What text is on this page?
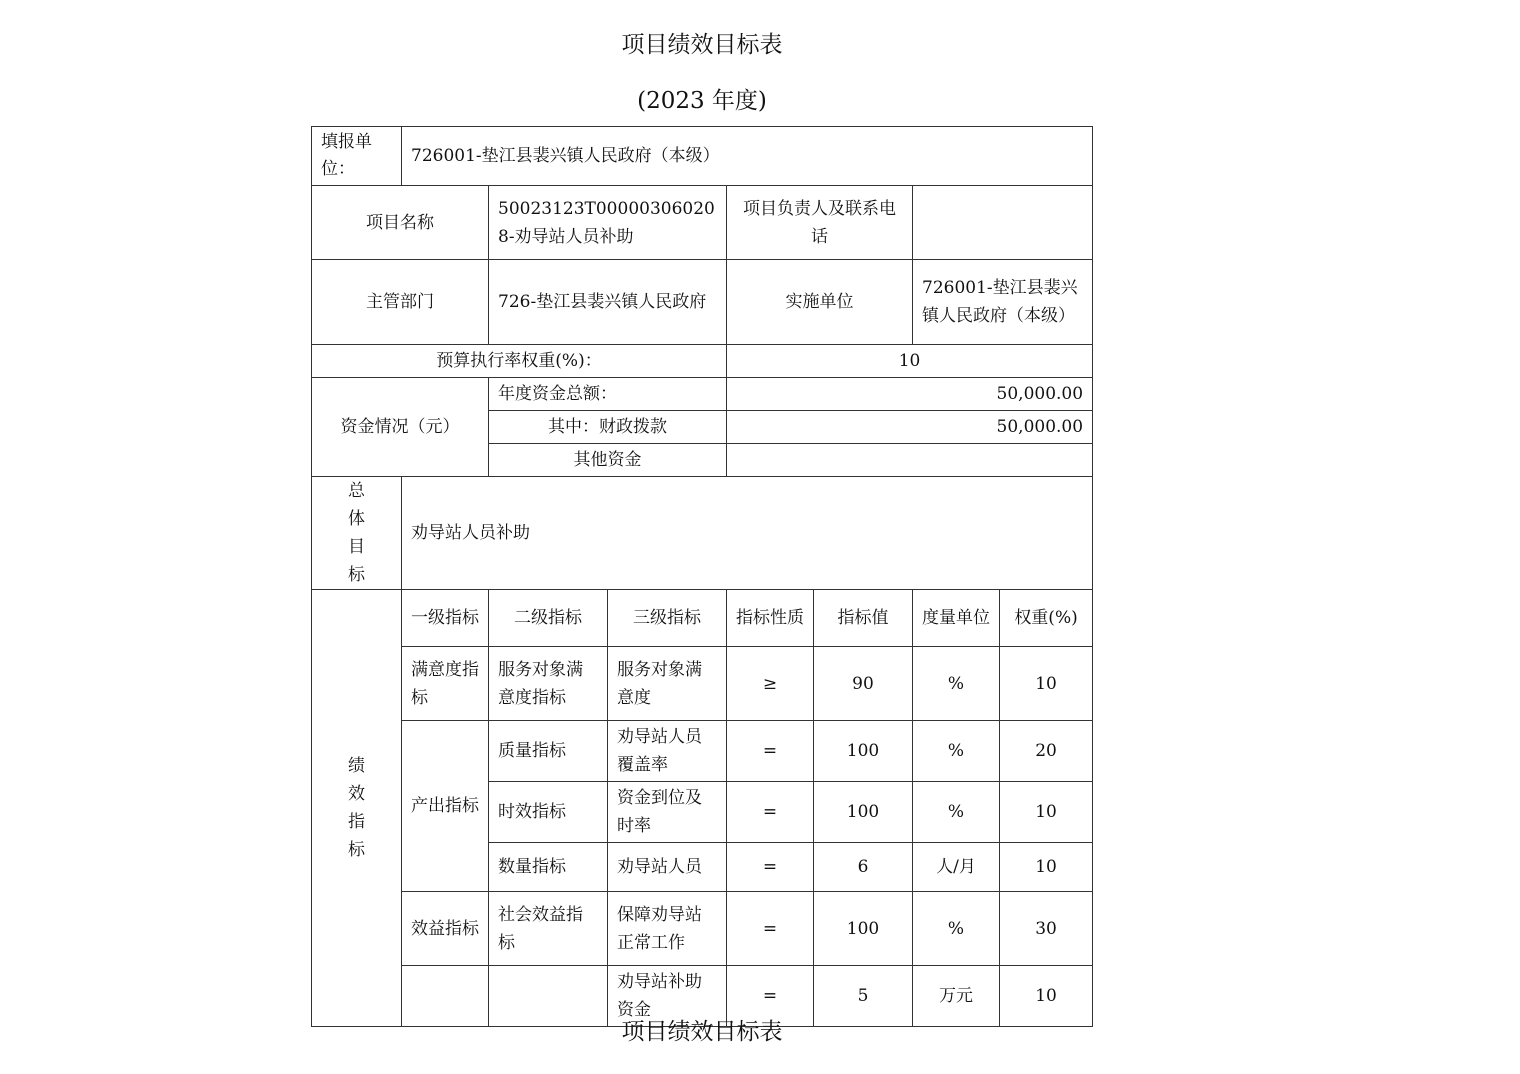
项目绩效目标表
(2023 年度)
填报单位：	726001-垫江县裴兴镇人民政府（本级）						
项目名称		50023123T000003060208-劝导站人员补助		项目负责人及联系电话			
主管部门		726-垫江县裴兴镇人民政府		实施单位		726001-垫江县裴兴镇人民政府（本级）	
预算执行率权重(%)：				10			
资金情况（元）		年度资金总额：		50,000.00			
		其中：财政拨款		50,000.00			
		其他资金					
总体目标	劝导站人员补助						
绩效指标	一级指标	二级指标	三级指标	指标性质	指标值	度量单位	权重(%)
	满意度指标	服务对象满意度指标	服务对象满意度	≥	90	%	10
	产出指标	质量指标	劝导站人员覆盖率	=	100	%	20
		时效指标	资金到位及时率	=	100	%	10
		数量指标	劝导站人员	=	6	人/月	10
	效益指标	社会效益指标	保障劝导站正常工作	=	100	%	30
			劝导站补助资金	=	5	万元	10
项目绩效目标表
